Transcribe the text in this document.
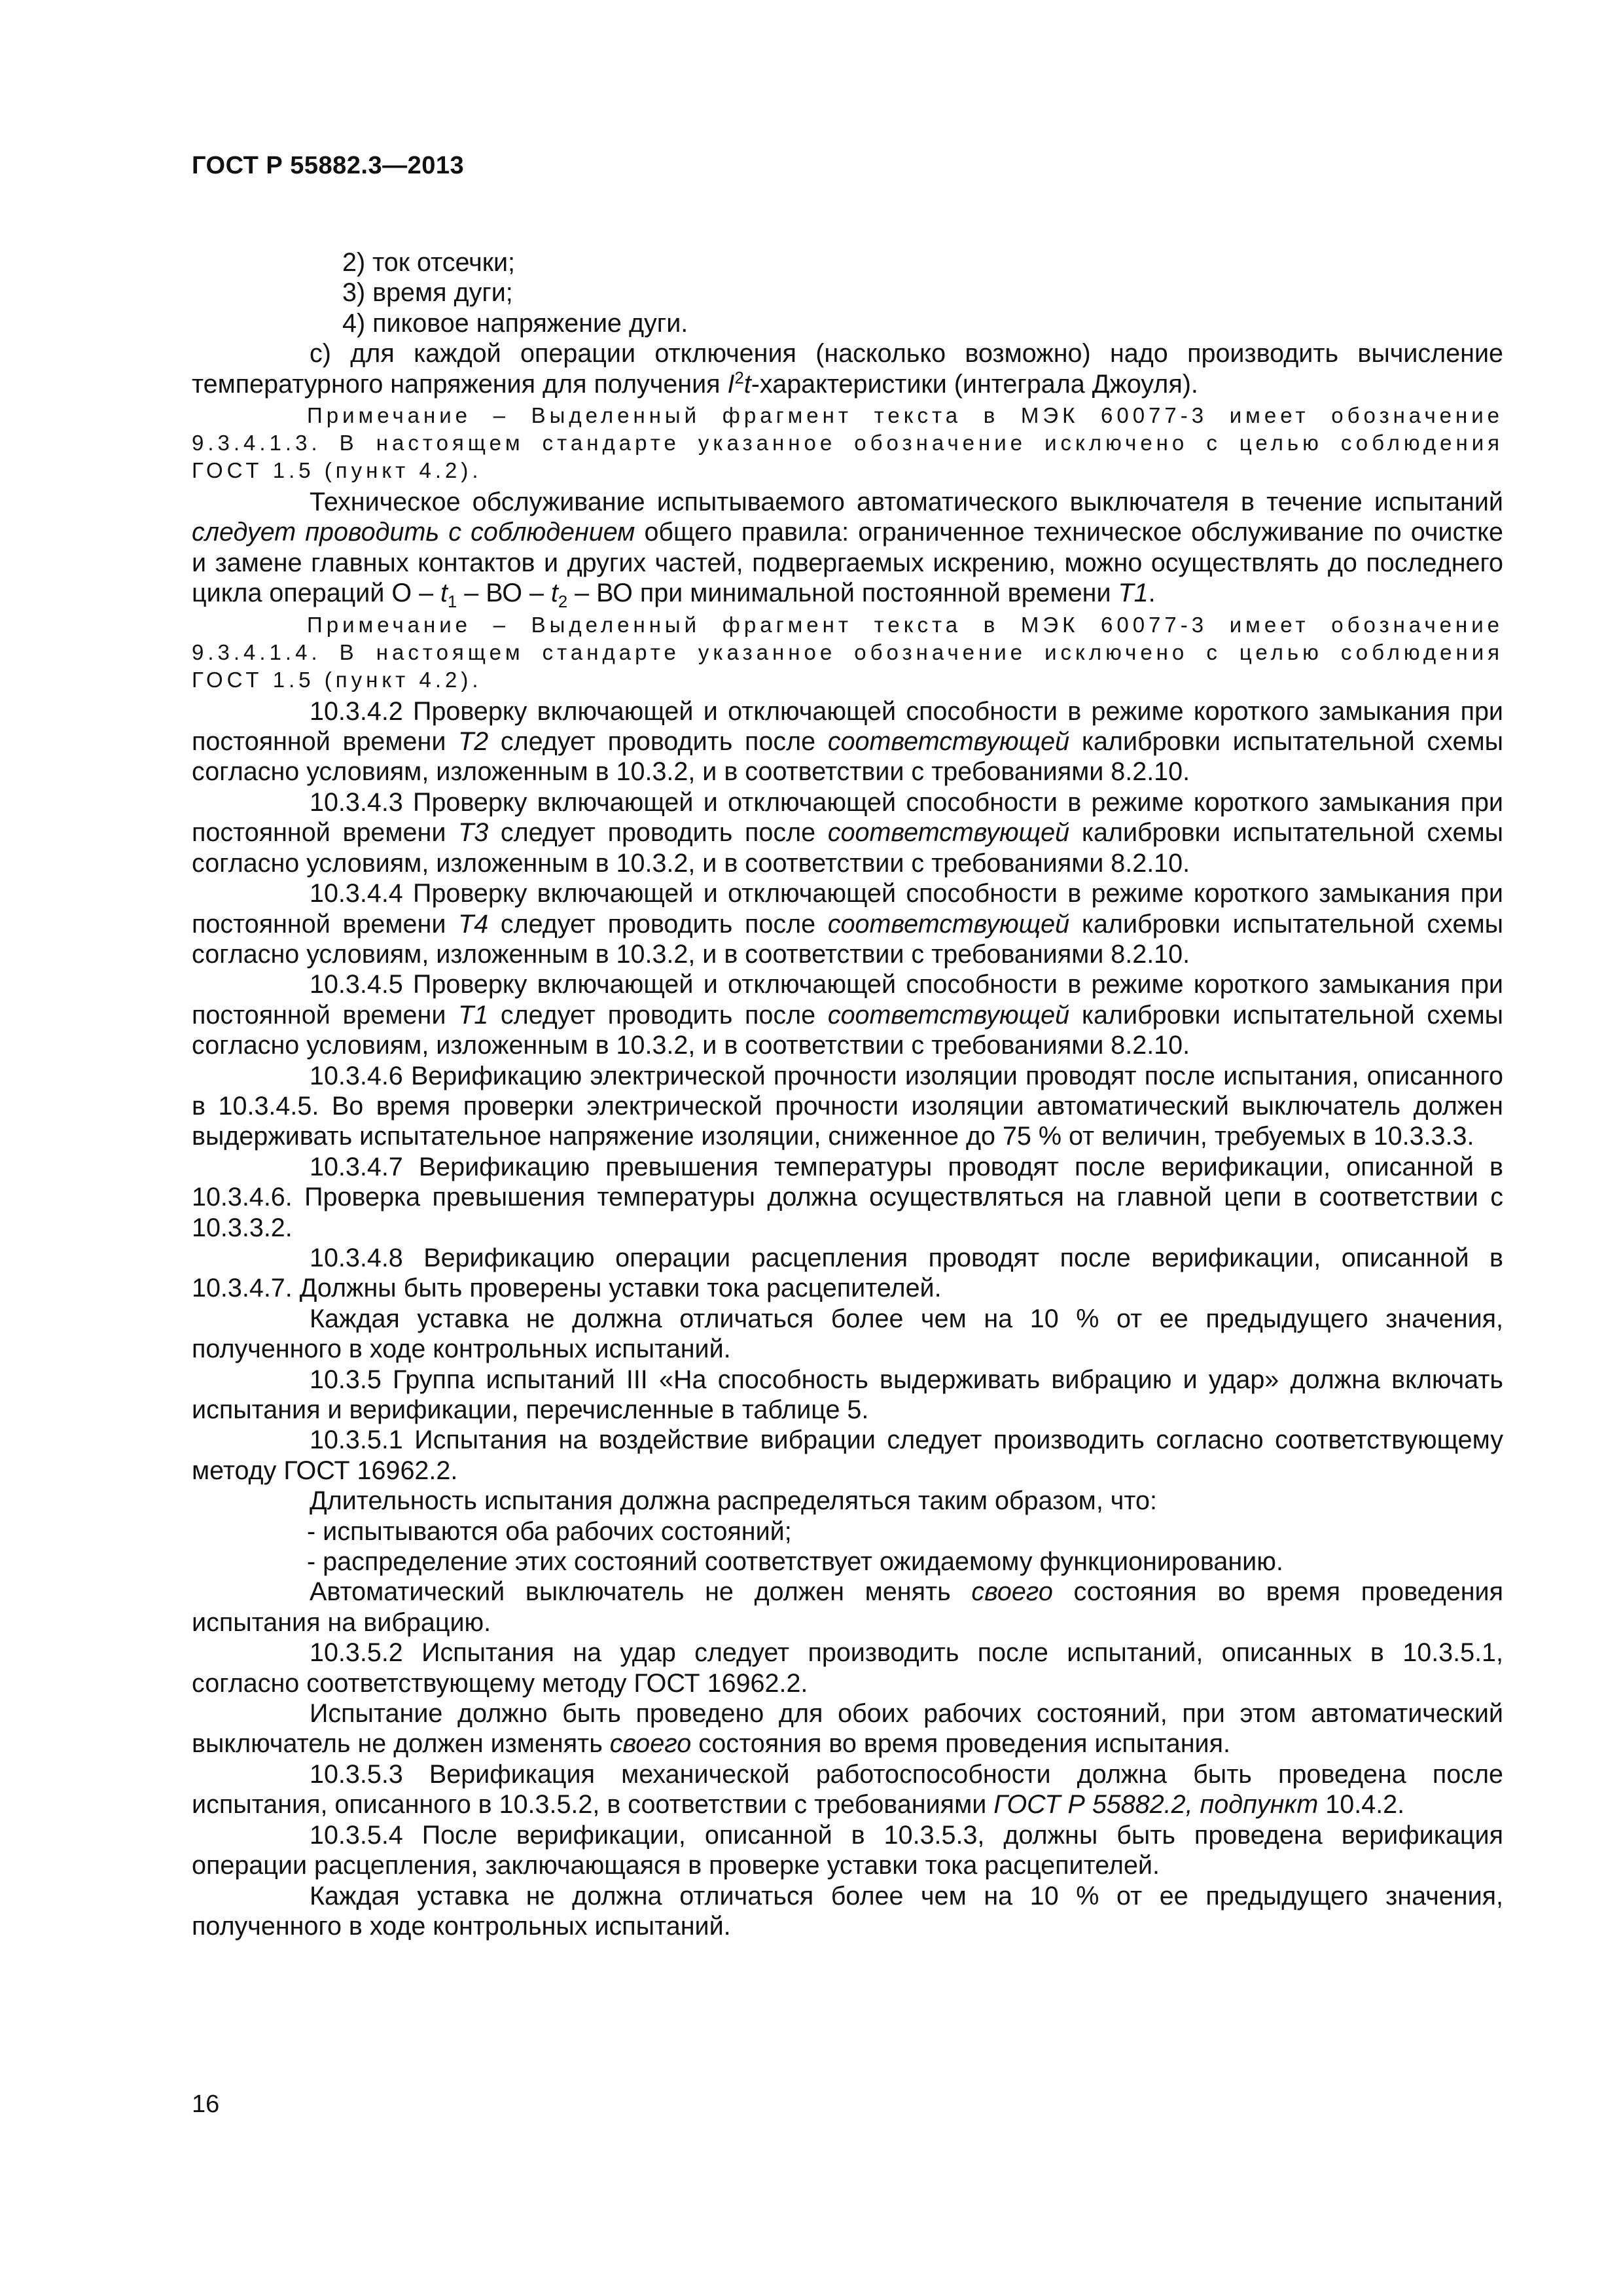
ГОСТ Р 55882.3—2013

2) ток отсечки;

3) время дуги;

4) пиковое напряжение дуги.

с) для каждой операции отключения (насколько возможно) надо производить вычисление температурного напряжения для получения $I^2t$-характеристики (интеграла Джоуля).

Примечание – Выделенный фрагмент текста в МЭК 60077-3 имеет обозначение 9.3.4.1.3. В настоящем стандарте указанное обозначение исключено с целью соблюдения ГОСТ 1.5 (пункт 4.2).

Техническое обслуживание испытываемого автоматического выключателя в течение испытаний следует проводить с соблюдением общего правила: ограниченное техническое обслуживание по очистке и замене главных контактов и других частей, подвергаемых искрению, можно осуществлять до последнего цикла операций О – $t_1$ – ВО – $t_2$ – ВО при минимальной постоянной времени T1.

Примечание – Выделенный фрагмент текста в МЭК 60077-3 имеет обозначение 9.3.4.1.4. В настоящем стандарте указанное обозначение исключено с целью соблюдения ГОСТ 1.5 (пункт 4.2).

10.3.4.2 Проверку включающей и отключающей способности в режиме короткого замыкания при постоянной времени T2 следует проводить после соответствующей калибровки испытательной схемы согласно условиям, изложенным в 10.3.2, и в соответствии с требованиями 8.2.10.

10.3.4.3 Проверку включающей и отключающей способности в режиме короткого замыкания при постоянной времени T3 следует проводить после соответствующей калибровки испытательной схемы согласно условиям, изложенным в 10.3.2, и в соответствии с требованиями 8.2.10.

10.3.4.4 Проверку включающей и отключающей способности в режиме короткого замыкания при постоянной времени T4 следует проводить после соответствующей калибровки испытательной схемы согласно условиям, изложенным в 10.3.2, и в соответствии с требованиями 8.2.10.

10.3.4.5 Проверку включающей и отключающей способности в режиме короткого замыкания при постоянной времени T1 следует проводить после соответствующей калибровки испытательной схемы согласно условиям, изложенным в 10.3.2, и в соответствии с требованиями 8.2.10.

10.3.4.6 Верификацию электрической прочности изоляции проводят после испытания, описанного в 10.3.4.5. Во время проверки электрической прочности изоляции автоматический выключатель должен выдерживать испытательное напряжение изоляции, сниженное до 75 % от величин, требуемых в 10.3.3.3.

10.3.4.7 Верификацию превышения температуры проводят после верификации, описанной в 10.3.4.6. Проверка превышения температуры должна осуществляться на главной цепи в соответствии с 10.3.3.2.

10.3.4.8 Верификацию операции расцепления проводят после верификации, описанной в 10.3.4.7. Должны быть проверены уставки тока расцепителей.

Каждая уставка не должна отличаться более чем на 10 % от ее предыдущего значения, полученного в ходе контрольных испытаний.

10.3.5 Группа испытаний III «На способность выдерживать вибрацию и удар» должна включать испытания и верификации, перечисленные в таблице 5.

10.3.5.1 Испытания на воздействие вибрации следует производить согласно соответствующему методу ГОСТ 16962.2.

Длительность испытания должна распределяться таким образом, что:

- испытываются оба рабочих состояний;

- распределение этих состояний соответствует ожидаемому функционированию.

Автоматический выключатель не должен менять своего состояния во время проведения испытания на вибрацию.

10.3.5.2 Испытания на удар следует производить после испытаний, описанных в 10.3.5.1, согласно соответствующему методу ГОСТ 16962.2.

Испытание должно быть проведено для обоих рабочих состояний, при этом автоматический выключатель не должен изменять своего состояния во время проведения испытания.

10.3.5.3 Верификация механической работоспособности должна быть проведена после испытания, описанного в 10.3.5.2, в соответствии с требованиями ГОСТ Р 55882.2, подпункт 10.4.2.

10.3.5.4 После верификации, описанной в 10.3.5.3, должны быть проведена верификация операции расцепления, заключающаяся в проверке уставки тока расцепителей.

Каждая уставка не должна отличаться более чем на 10 % от ее предыдущего значения, полученного в ходе контрольных испытаний.

16
